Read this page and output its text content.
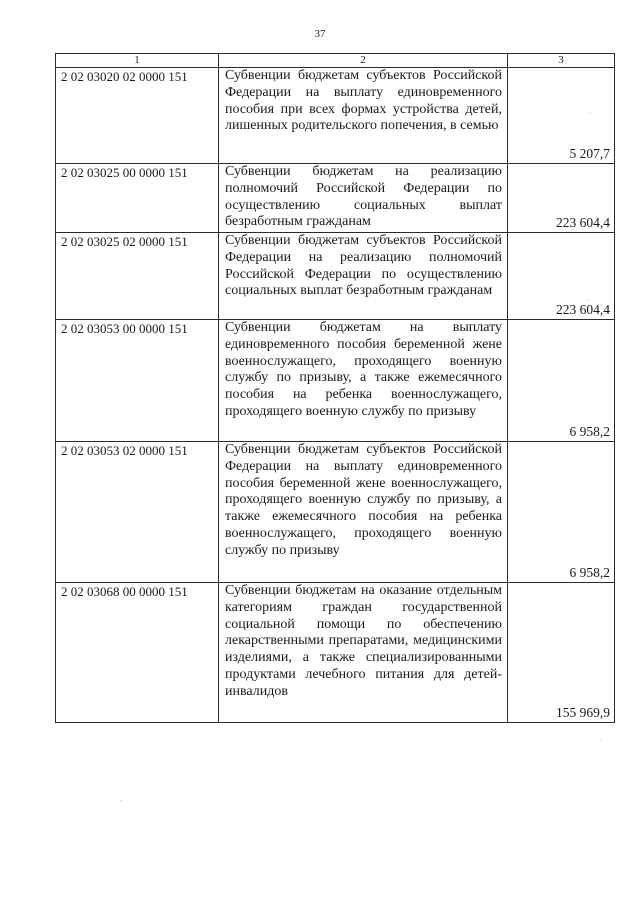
37
1	2	3
2 02 03020 02 0000 151	Субвенции бюджетам субъектов Российской Федерации на выплату единовременного пособия при всех формах устройства детей, лишенных родительского попечения, в семью	5 207,7
2 02 03025 00 0000 151	Субвенции бюджетам на реализацию полномочий Российской Федерации по осуществлению социальных выплат безработным гражданам	223 604,4
2 02 03025 02 0000 151	Субвенции бюджетам субъектов Российской Федерации на реализацию полномочий Российской Федерации по осуществлению социальных выплат безработным гражданам	223 604,4
2 02 03053 00 0000 151	Субвенции бюджетам на выплату единовременного пособия беременной жене военнослужащего, проходящего военную службу по призыву, а также ежемесячного пособия на ребенка военнослужащего, проходящего военную службу по призыву	6 958,2
2 02 03053 02 0000 151	Субвенции бюджетам субъектов Российской Федерации на выплату единовременного пособия беременной жене военнослужащего, проходящего военную службу по призыву, а также ежемесячного пособия на ребенка военнослужащего, проходящего военную службу по призыву	6 958,2
2 02 03068 00 0000 151	Субвенции бюджетам на оказание отдельным категориям граждан государственной социальной помощи по обеспечению лекарственными препаратами, медицинскими изделиями, а также специализированными продуктами лечебного питания для детей-инвалидов	155 969,9
